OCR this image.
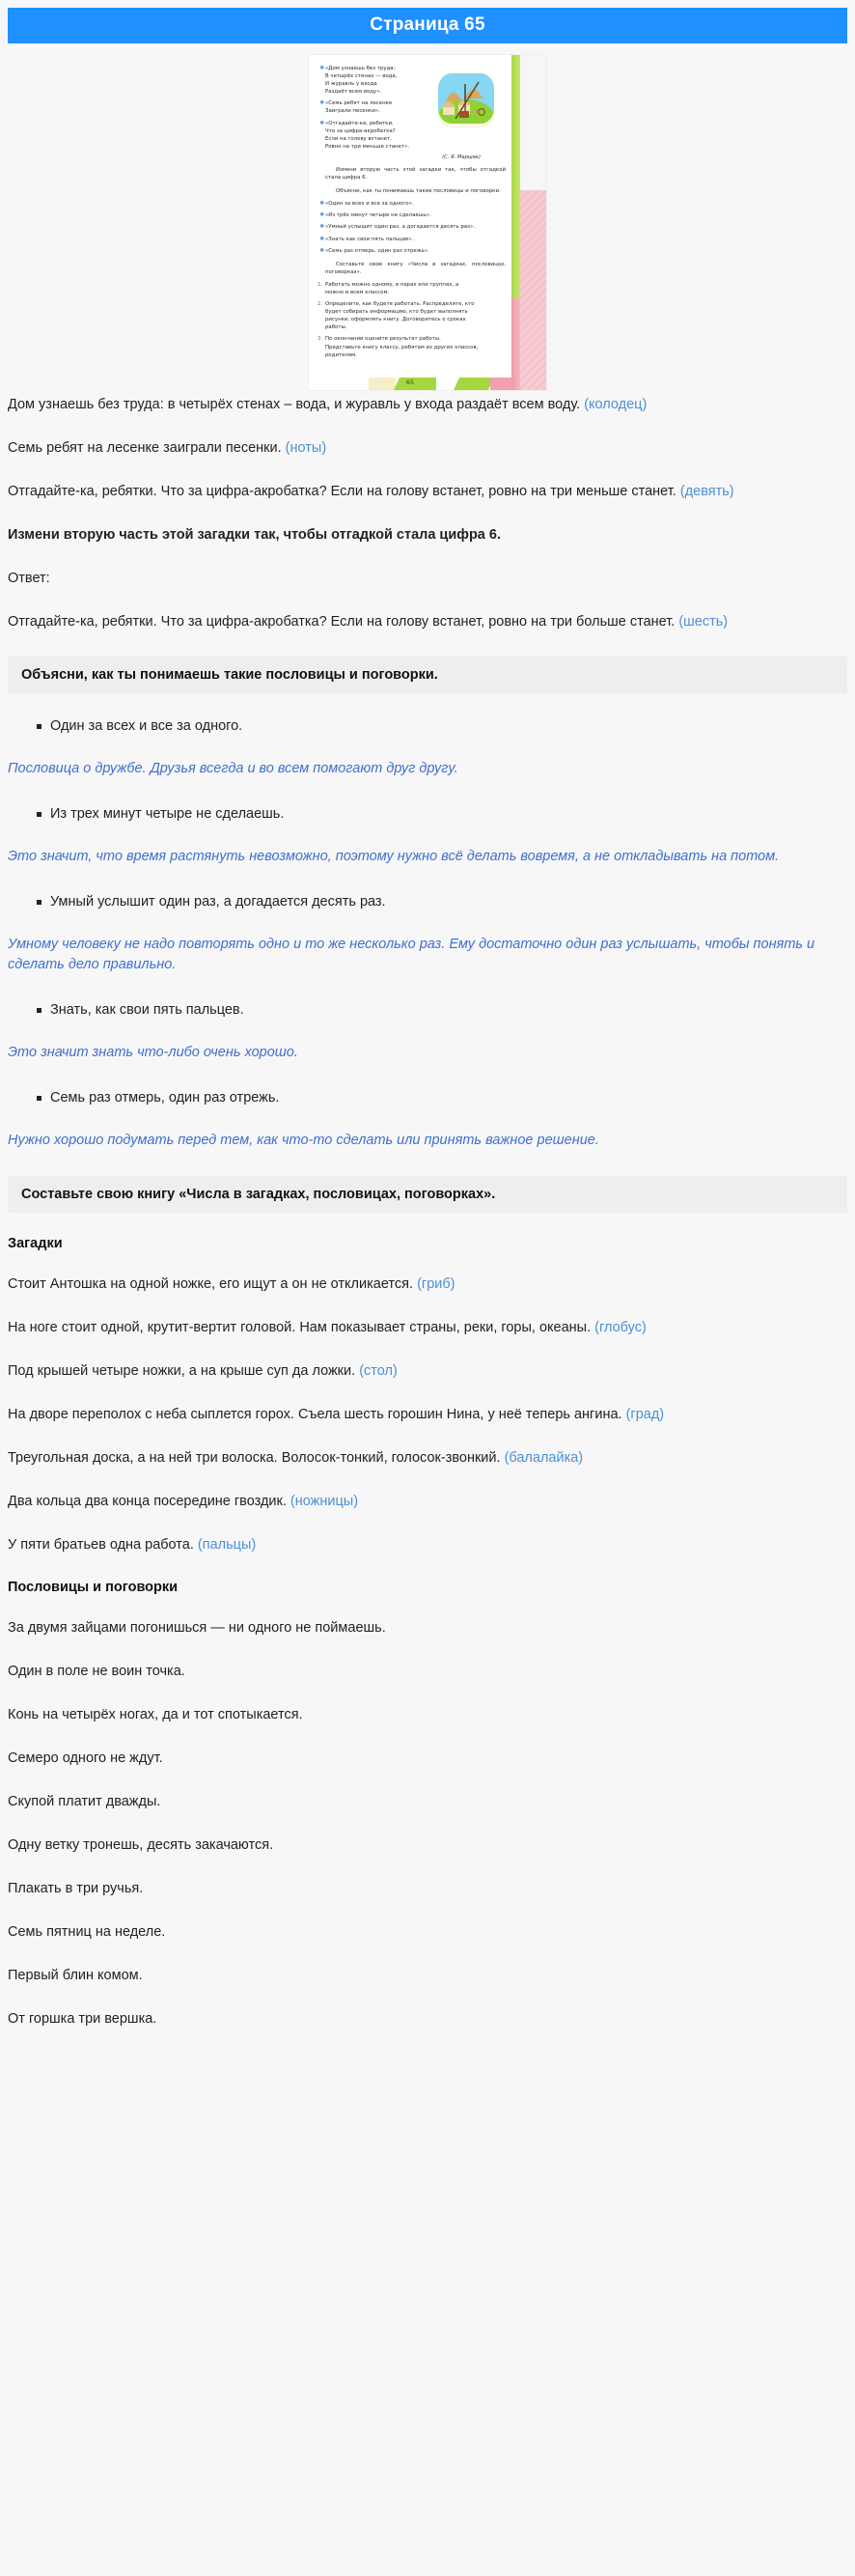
Страница 65
❖ «Дом узнаешь без труда:
В четырёх стенах — вода,
И журавль у входа
Раздаёт всем воду».
❖ «Семь ребят на лесенке
Заиграли песенки».
❖ «Отгадайте-ка, ребятки,
Что за цифра-акробатка?
Если на голову встанет,
Ровно на три меньше станет».
(С. Я. Маршак)
Измени вторую часть этой загадки так, чтобы отгадкой стала цифра 6.
Объясни, как ты понимаешь такие пословицы и поговорки.
❖ «Один за всех и все за одного».
❖ «Из трёх минут четыре не сделаешь».
❖ «Умный услышит один раз, а догадается десять раз».
❖ «Знать как свои пять пальцев».
❖ «Семь раз отмерь, один раз отрежь».
Составьте свою книгу «Числа в загадках, пословицах, поговорках».
1. Работать можно одному, в парах или группах, а
можно и всем классом.
2. Определите, как будете работать. Распределите, кто
будет собирать информацию, кто будет выполнять
рисунки, оформлять книгу. Договоритесь о сроках
работы.
3. По окончании оцените результат работы.
Представьте книгу классу, ребятам из других классов,
родителям.
65

Дом узнаешь без труда: в четырёх стенах – вода, и журавль у входа раздаёт всем воду. (колодец)

Семь ребят на лесенке заиграли песенки. (ноты)

Отгадайте-ка, ребятки. Что за цифра-акробатка? Если на голову встанет, ровно на три меньше станет. (девять)

Измени вторую часть этой загадки так, чтобы отгадкой стала цифра 6.

Ответ:

Отгадайте-ка, ребятки. Что за цифра-акробатка? Если на голову встанет, ровно на три больше станет. (шесть)

Объясни, как ты понимаешь такие пословицы и поговорки.
Один за всех и все за одного.

Пословица о дружбе. Друзья всегда и во всем помогают друг другу.

Из трех минут четыре не сделаешь.

Это значит, что время растянуть невозможно, поэтому нужно всё делать вовремя, а не откладывать на потом.

Умный услышит один раз, а догадается десять раз.

Умному человеку не надо повторять одно и то же несколько раз. Ему достаточно один раз услышать, чтобы понять и сделать дело правильно.

Знать, как свои пять пальцев.

Это значит знать что-либо очень хорошо.

Семь раз отмерь, один раз отрежь.

Нужно хорошо подумать перед тем, как что-то сделать или принять важное решение.

Составьте свою книгу «Числа в загадках, пословицах, поговорках».
Загадки

Стоит Антошка на одной ножке, его ищут а он не откликается. (гриб)

На ноге стоит одной, крутит-вертит головой. Нам показывает страны, реки, горы, океаны. (глобус)

Под крышей четыре ножки, а на крыше суп да ложки. (стол)

На дворе переполох с неба сыплется горох. Съела шесть горошин Нина, у неё теперь ангина. (град)

Треугольная доска, а на ней три волоска. Волосок-тонкий, голосок-звонкий. (балалайка)

Два кольца два конца посередине гвоздик. (ножницы)

У пяти братьев одна работа. (пальцы)

Пословицы и поговорки

За двумя зайцами погонишься — ни одного не поймаешь.

Один в поле не воин точка.

Конь на четырёх ногах, да и тот спотыкается.

Семеро одного не ждут.

Скупой платит дважды.

Одну ветку тронешь, десять закачаются.

Плакать в три ручья.

Семь пятниц на неделе.

Первый блин комом.

От горшка три вершка.
